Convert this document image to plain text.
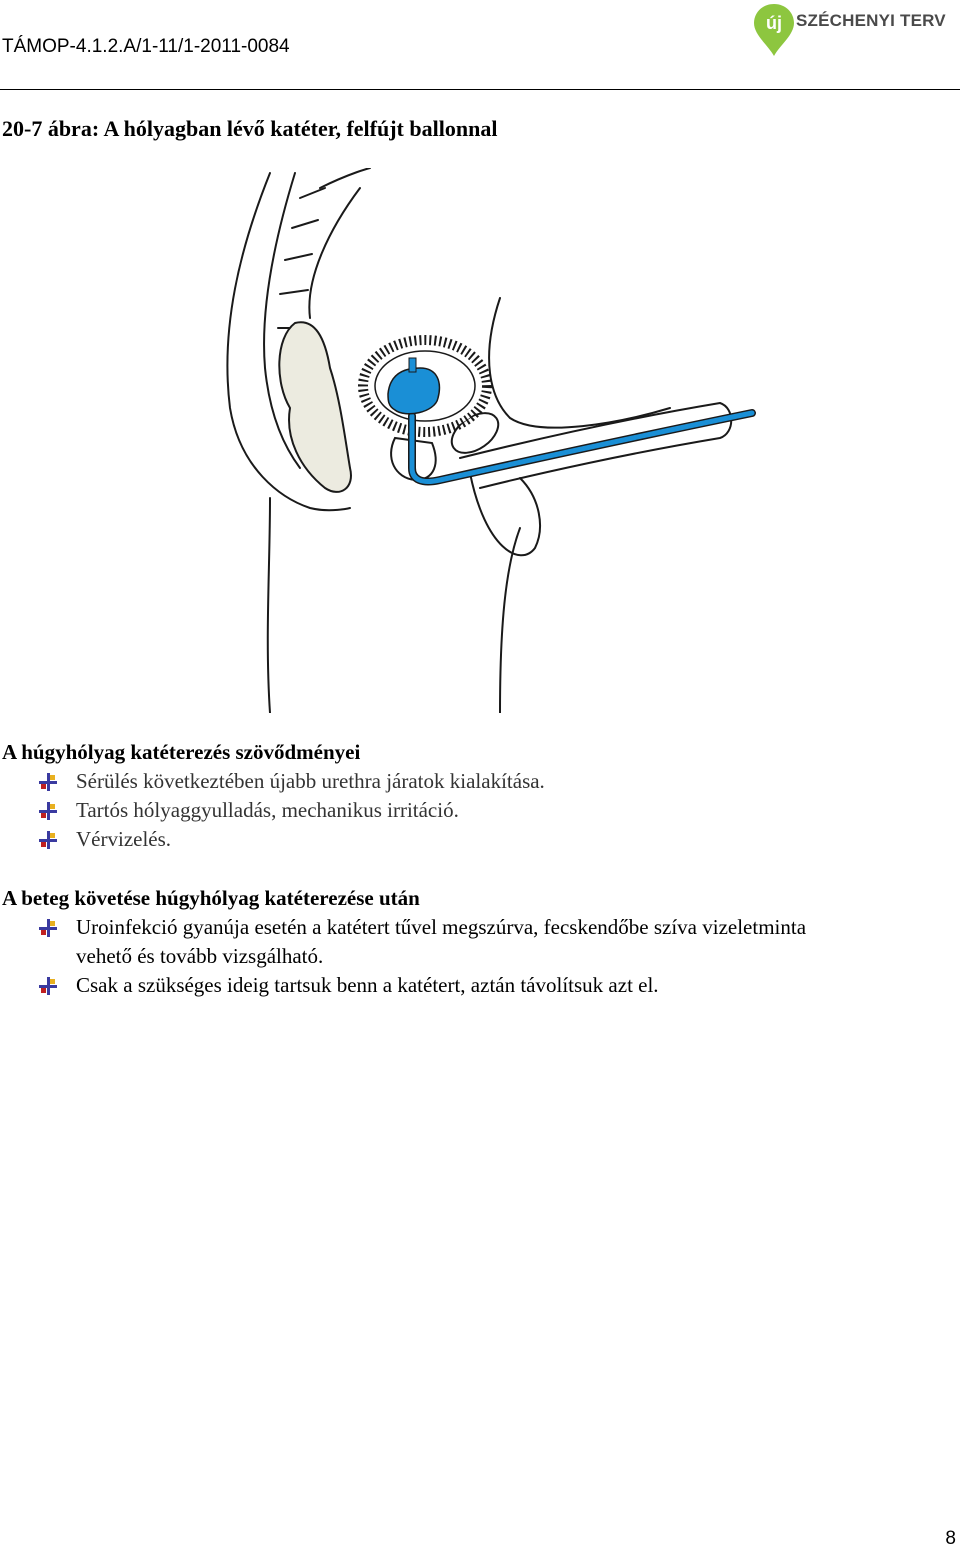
TÁMOP-4.1.2.A/1-11/1-2011-0084
új SZÉCHENYI TERV
20-7 ábra: A hólyagban lévő katéter, felfújt ballonnal
A húgyhólyag katéterezés szövődményei
Sérülés következtében újabb urethra járatok kialakítása.
Tartós hólyaggyulladás, mechanikus irritáció.
Vérvizelés.
A beteg követése húgyhólyag katéterezése után
Uroinfekció gyanúja esetén a katétert tűvel megszúrva, fecskendőbe szíva vizeletminta vehető és tovább vizsgálható.
Csak a szükséges ideig tartsuk benn a katétert, aztán távolítsuk azt el.
8
